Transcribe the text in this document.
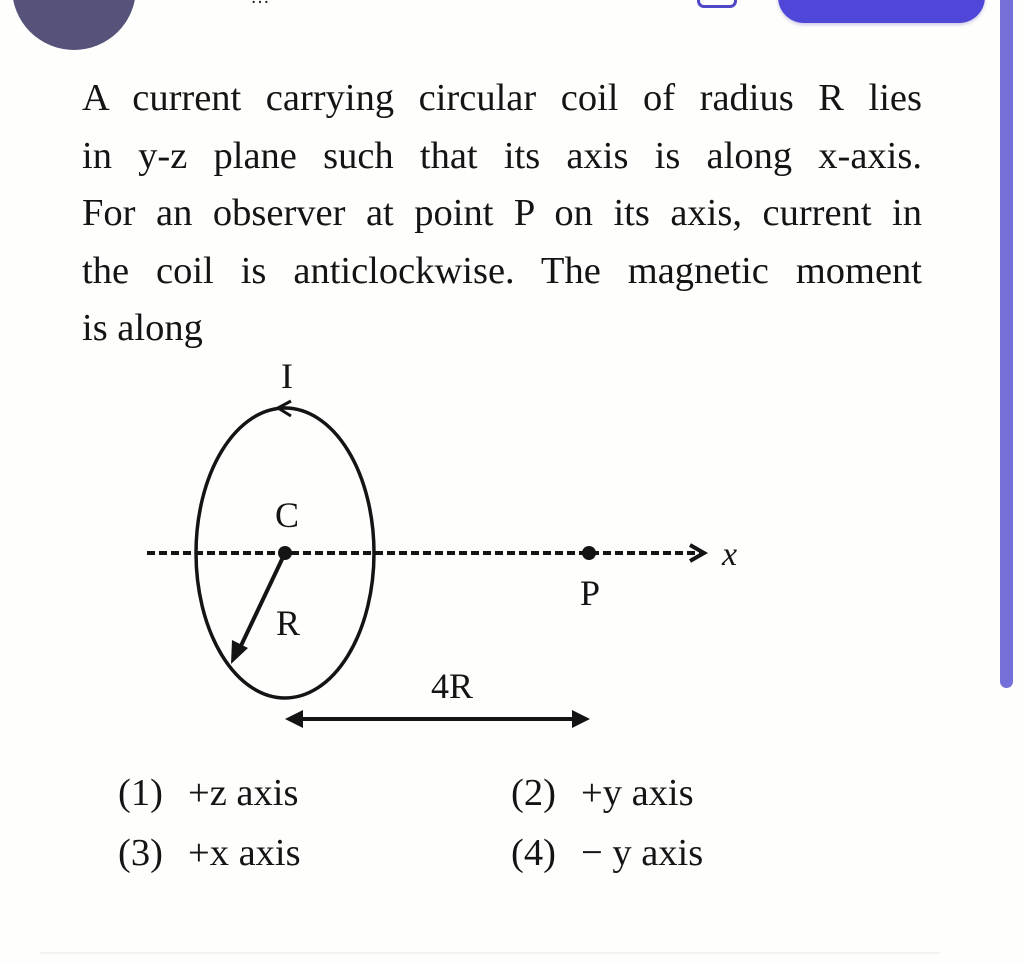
A current carrying circular coil of radius R lies
in y-z plane such that its axis is along x-axis.
For an observer at point P on its axis, current in
the coil is anticlockwise. The magnetic moment
is along
x
I
C
R
P
4R
(1) +z axis	(2) +y axis
(3) +x axis	(4) − y axis
